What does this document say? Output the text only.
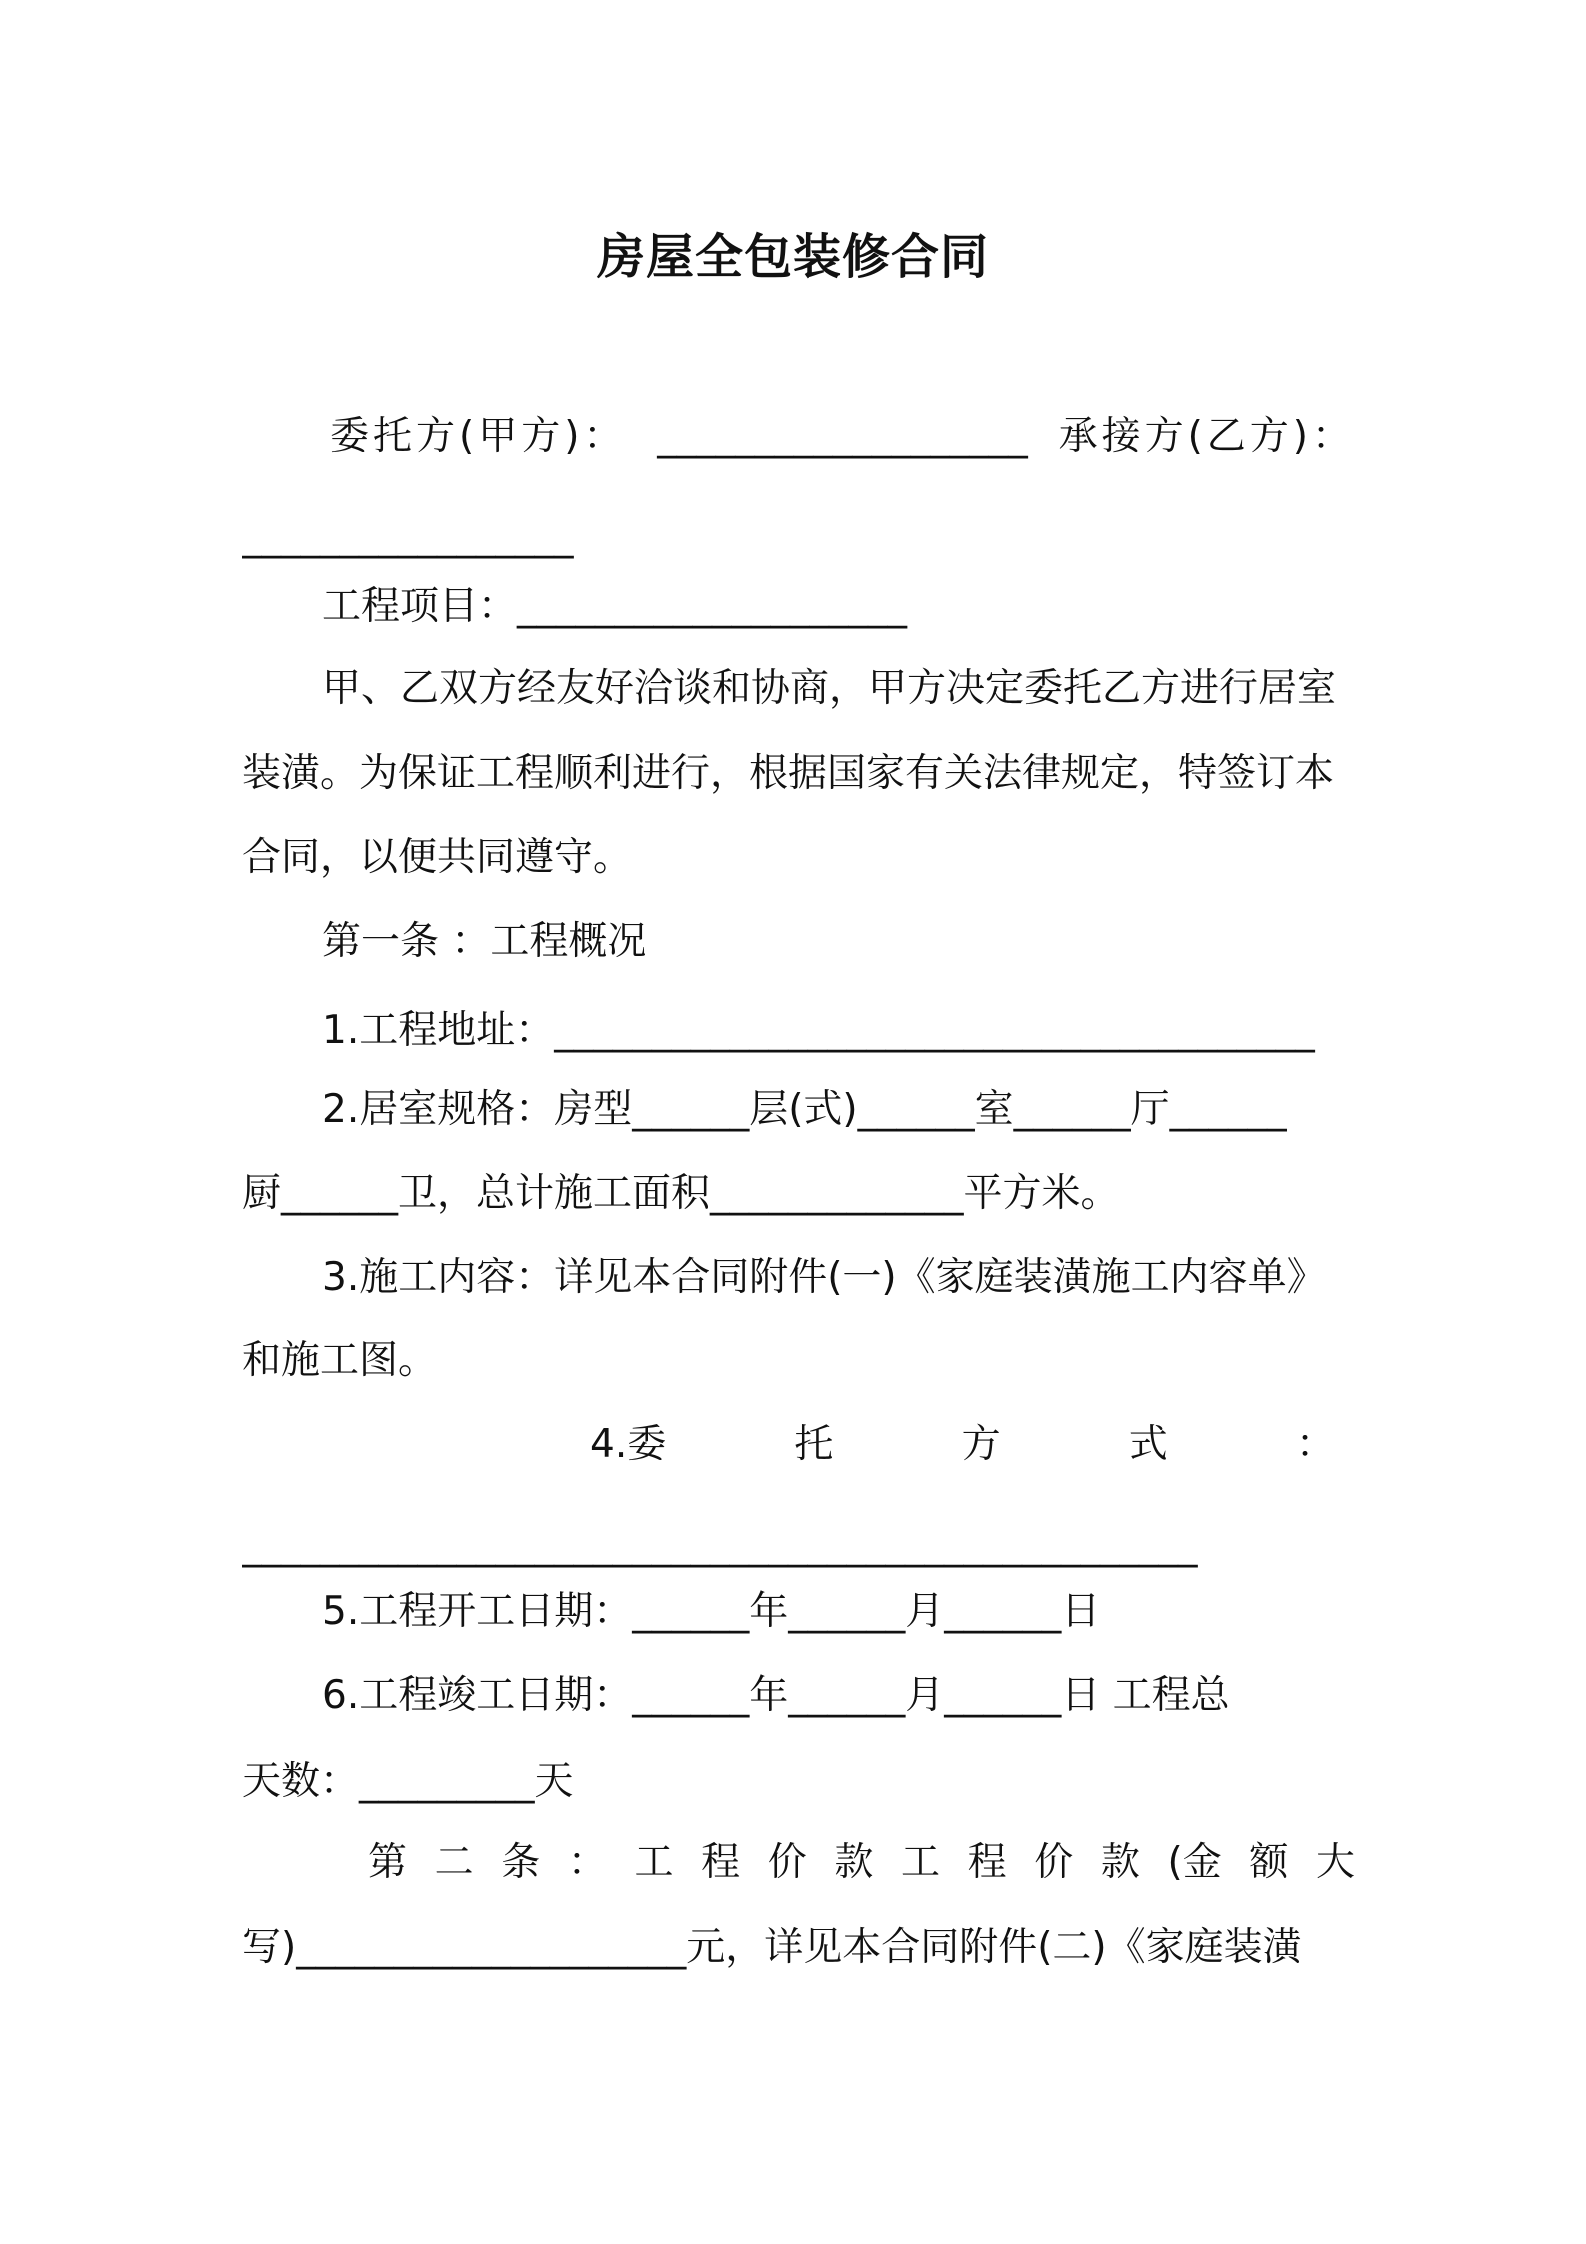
房屋全包装修合同
委托方(甲方)： ___________________ 承接方(乙方)：
_________________
工程项目：____________________
甲、乙双方经友好洽谈和协商，甲方决定委托乙方进行居室
装潢。为保证工程顺利进行，根据国家有关法律规定，特签订本
合同，以便共同遵守。
第一条 ：工程概况
1.工程地址：_______________________________________
2.居室规格：房型______层(式)______室______厅______
厨______卫，总计施工面积_____________平方米。
3.施工内容：详见本合同附件(一)《家庭装潢施工内容单》
和施工图。
4.委	托	方	式	：
_________________________________________________
5.工程开工日期：______年______月______日
6.工程竣工日期：______年______月______日 工程总
天数：_________天
第 二 条 ： 工 程 价 款 工 程 价 款 (金 额 大
写)____________________元，详见本合同附件(二)《家庭装潢
